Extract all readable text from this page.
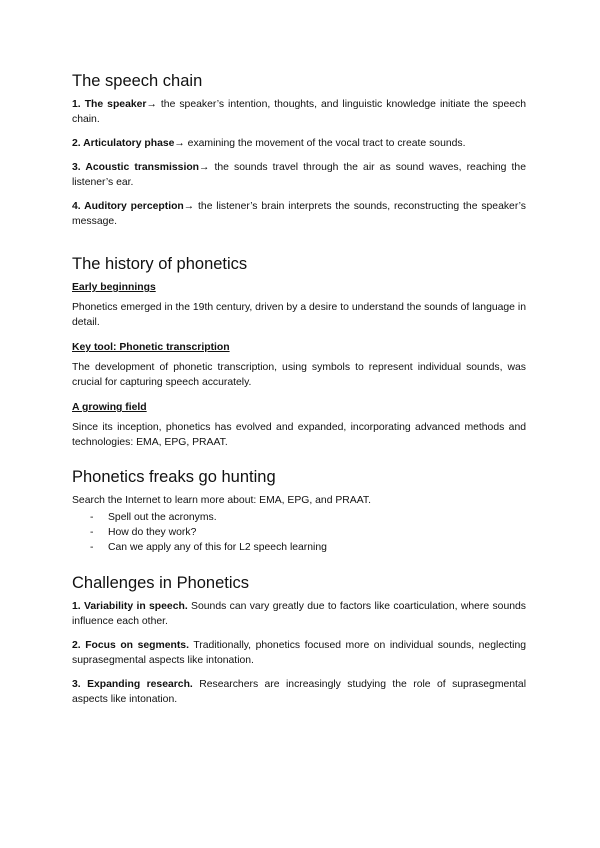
The speech chain

1. The speaker→ the speaker’s intention, thoughts, and linguistic knowledge initiate the speech chain.

2. Articulatory phase→ examining the movement of the vocal tract to create sounds.

3. Acoustic transmission→ the sounds travel through the air as sound waves, reaching the listener’s ear.

4. Auditory perception→ the listener’s brain interprets the sounds, reconstructing the speaker’s message.

The history of phonetics
Early beginnings

Phonetics emerged in the 19th century, driven by a desire to understand the sounds of language in detail.

Key tool: Phonetic transcription

The development of phonetic transcription, using symbols to represent individual sounds, was crucial for capturing speech accurately.

A growing field

Since its inception, phonetics has evolved and expanded, incorporating advanced methods and technologies: EMA, EPG, PRAAT.

Phonetics freaks go hunting

Search the Internet to learn more about: EMA, EPG, and PRAAT.

- Spell out the acronyms.
- How do they work?
- Can we apply any of this for L2 speech learning
Challenges in Phonetics

1. Variability in speech. Sounds can vary greatly due to factors like coarticulation, where sounds influence each other.

2. Focus on segments. Traditionally, phonetics focused more on individual sounds, neglecting suprasegmental aspects like intonation.

3. Expanding research. Researchers are increasingly studying the role of suprasegmental aspects like intonation.
